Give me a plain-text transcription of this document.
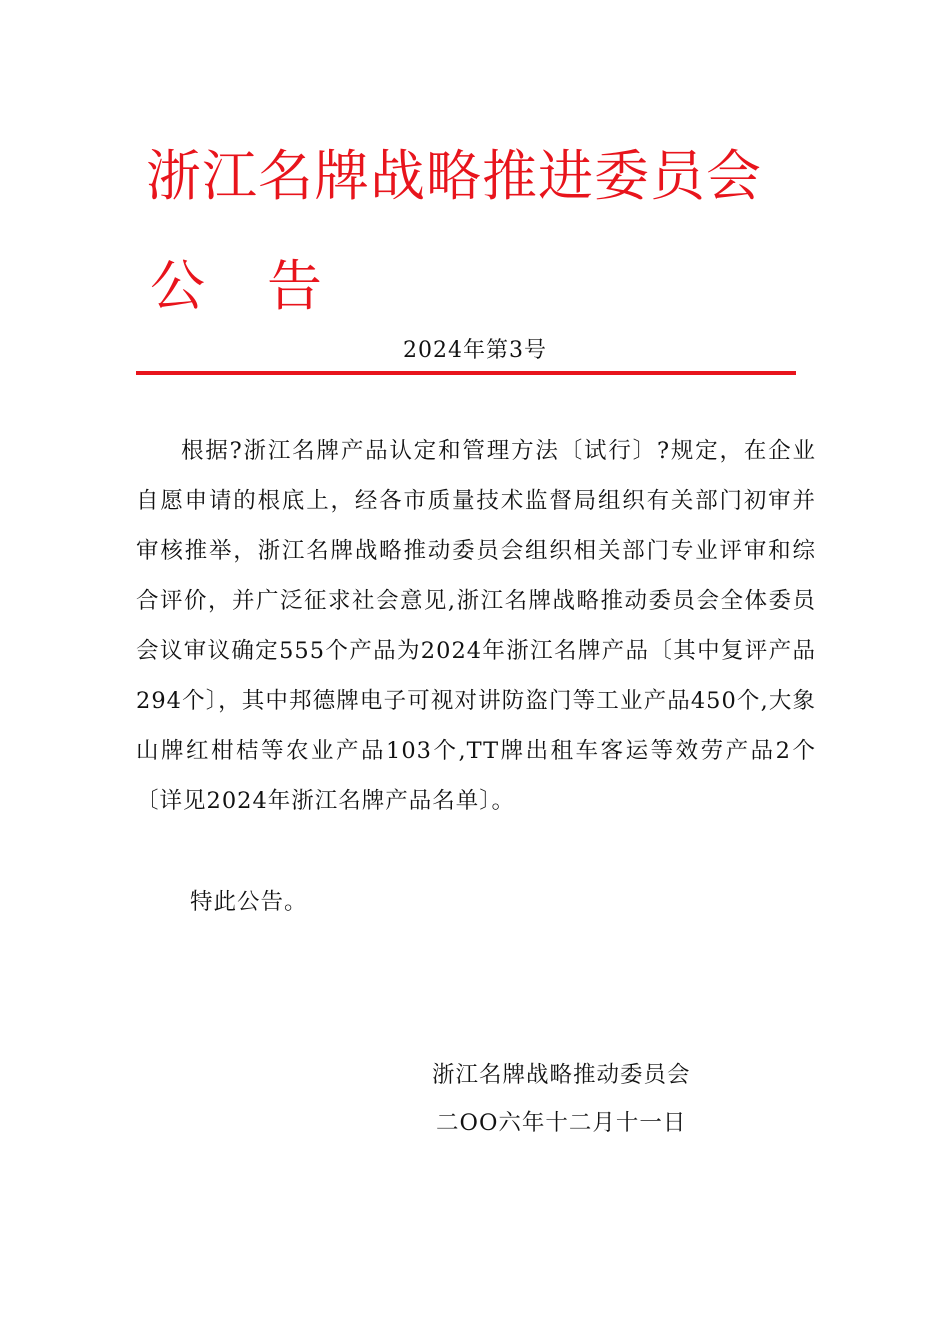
浙江名牌战略推进委员会
公告
2024年第3号

根据?浙江名牌产品认定和管理方法〔试行〕?规定，在企业自愿申请的根底上，经各市质量技术监督局组织有关部门初审并审核推举，浙江名牌战略推动委员会组织相关部门专业评审和综合评价，并广泛征求社会意见,浙江名牌战略推动委员会全体委员会议审议确定555个产品为2024年浙江名牌产品〔其中复评产品294个〕，其中邦德牌电子可视对讲防盗门等工业产品450个,大象山牌红柑桔等农业产品103个,TT牌出租车客运等效劳产品2个〔详见2024年浙江名牌产品名单〕。

特此公告。

浙江名牌战略推动委员会
二OO六年十二月十一日
